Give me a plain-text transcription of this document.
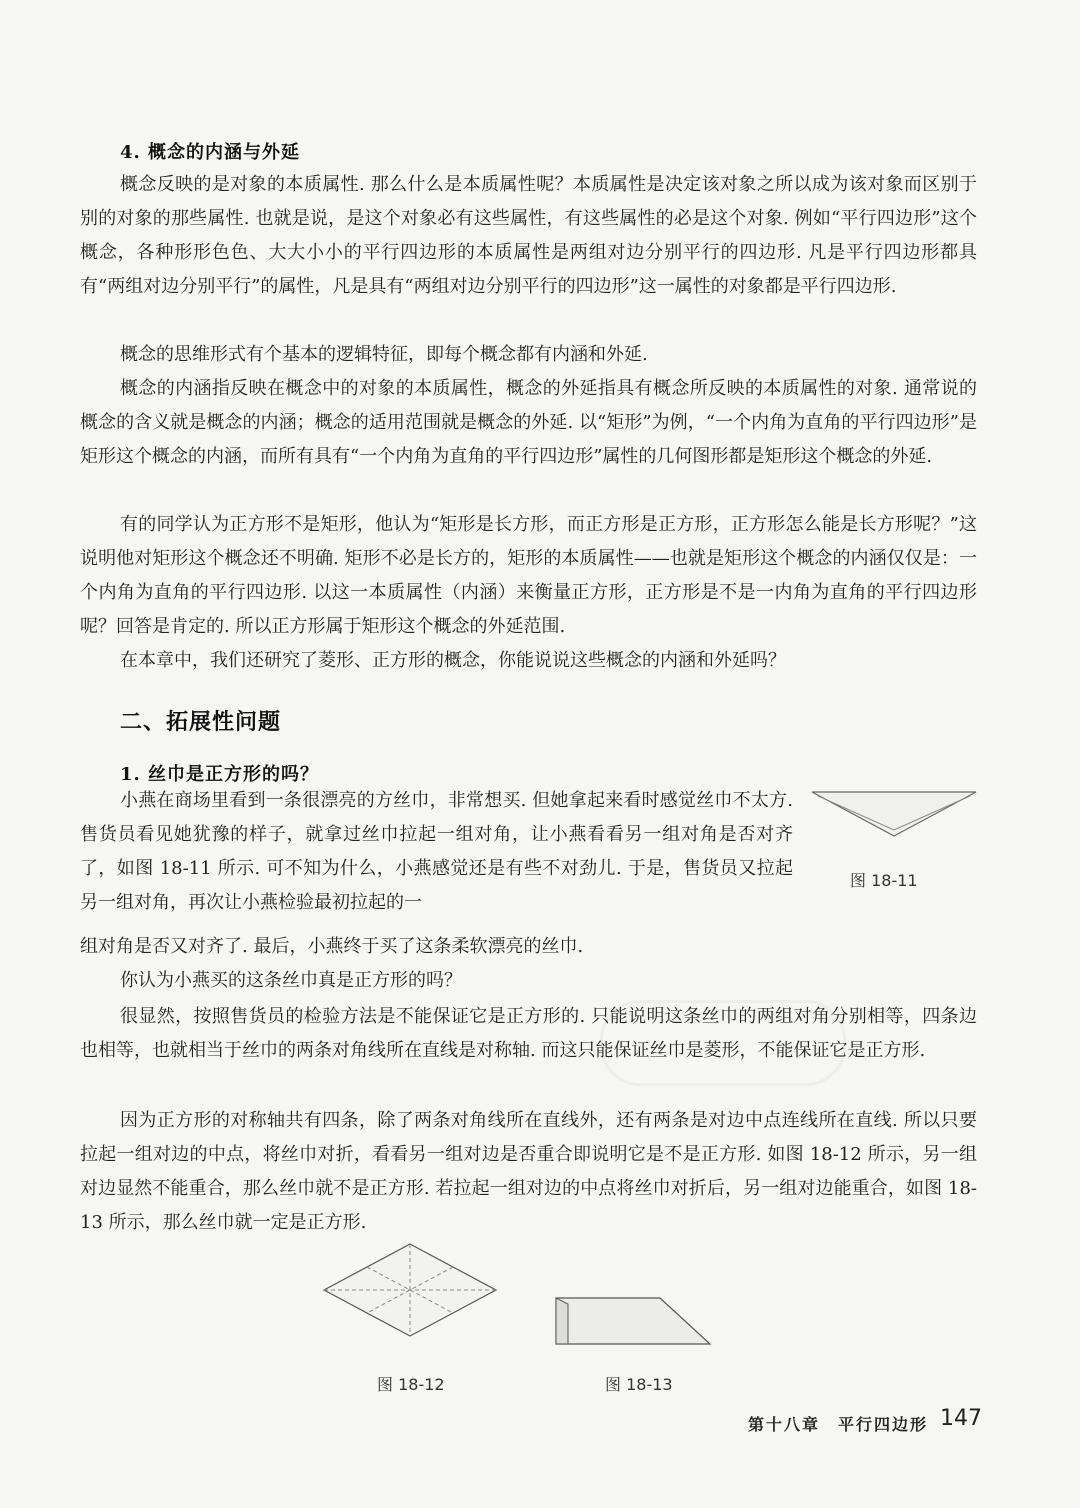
4. 概念的内涵与外延
概念反映的是对象的本质属性. 那么什么是本质属性呢？本质属性是决定该对象之所以成为该对象而区别于别的对象的那些属性. 也就是说，是这个对象必有这些属性，有这些属性的必是这个对象. 例如“平行四边形”这个概念，各种形形色色、大大小小的平行四边形的本质属性是两组对边分别平行的四边形. 凡是平行四边形都具有“两组对边分别平行”的属性，凡是具有“两组对边分别平行的四边形”这一属性的对象都是平行四边形.
概念的思维形式有个基本的逻辑特征，即每个概念都有内涵和外延.
概念的内涵指反映在概念中的对象的本质属性，概念的外延指具有概念所反映的本质属性的对象. 通常说的概念的含义就是概念的内涵；概念的适用范围就是概念的外延. 以“矩形”为例，“一个内角为直角的平行四边形”是矩形这个概念的内涵，而所有具有“一个内角为直角的平行四边形”属性的几何图形都是矩形这个概念的外延.
有的同学认为正方形不是矩形，他认为“矩形是长方形，而正方形是正方形，正方形怎么能是长方形呢？”这说明他对矩形这个概念还不明确. 矩形不必是长方的，矩形的本质属性——也就是矩形这个概念的内涵仅仅是：一个内角为直角的平行四边形. 以这一本质属性（内涵）来衡量正方形，正方形是不是一内角为直角的平行四边形呢？回答是肯定的. 所以正方形属于矩形这个概念的外延范围.
在本章中，我们还研究了菱形、正方形的概念，你能说说这些概念的内涵和外延吗？
二、拓展性问题
1. 丝巾是正方形的吗？
小燕在商场里看到一条很漂亮的方丝巾，非常想买. 但她拿起来看时感觉丝巾不太方. 售货员看见她犹豫的样子，就拿过丝巾拉起一组对角，让小燕看看另一组对角是否对齐了，如图 18-11 所示. 可不知为什么，小燕感觉还是有些不对劲儿. 于是，售货员又拉起另一组对角，再次让小燕检验最初拉起的一
组对角是否又对齐了. 最后，小燕终于买了这条柔软漂亮的丝巾.
你认为小燕买的这条丝巾真是正方形的吗？
很显然，按照售货员的检验方法是不能保证它是正方形的. 只能说明这条丝巾的两组对角分别相等，四条边也相等，也就相当于丝巾的两条对角线所在直线是对称轴. 而这只能保证丝巾是菱形，不能保证它是正方形.
因为正方形的对称轴共有四条，除了两条对角线所在直线外，还有两条是对边中点连线所在直线. 所以只要拉起一组对边的中点，将丝巾对折，看看另一组对边是否重合即说明它是不是正方形. 如图 18-12 所示，另一组对边显然不能重合，那么丝巾就不是正方形. 若拉起一组对边的中点将丝巾对折后，另一组对边能重合，如图 18-13 所示，那么丝巾就一定是正方形.
图 18-11
图 18-12	图 18-13
第十八章　平行四边形 147
